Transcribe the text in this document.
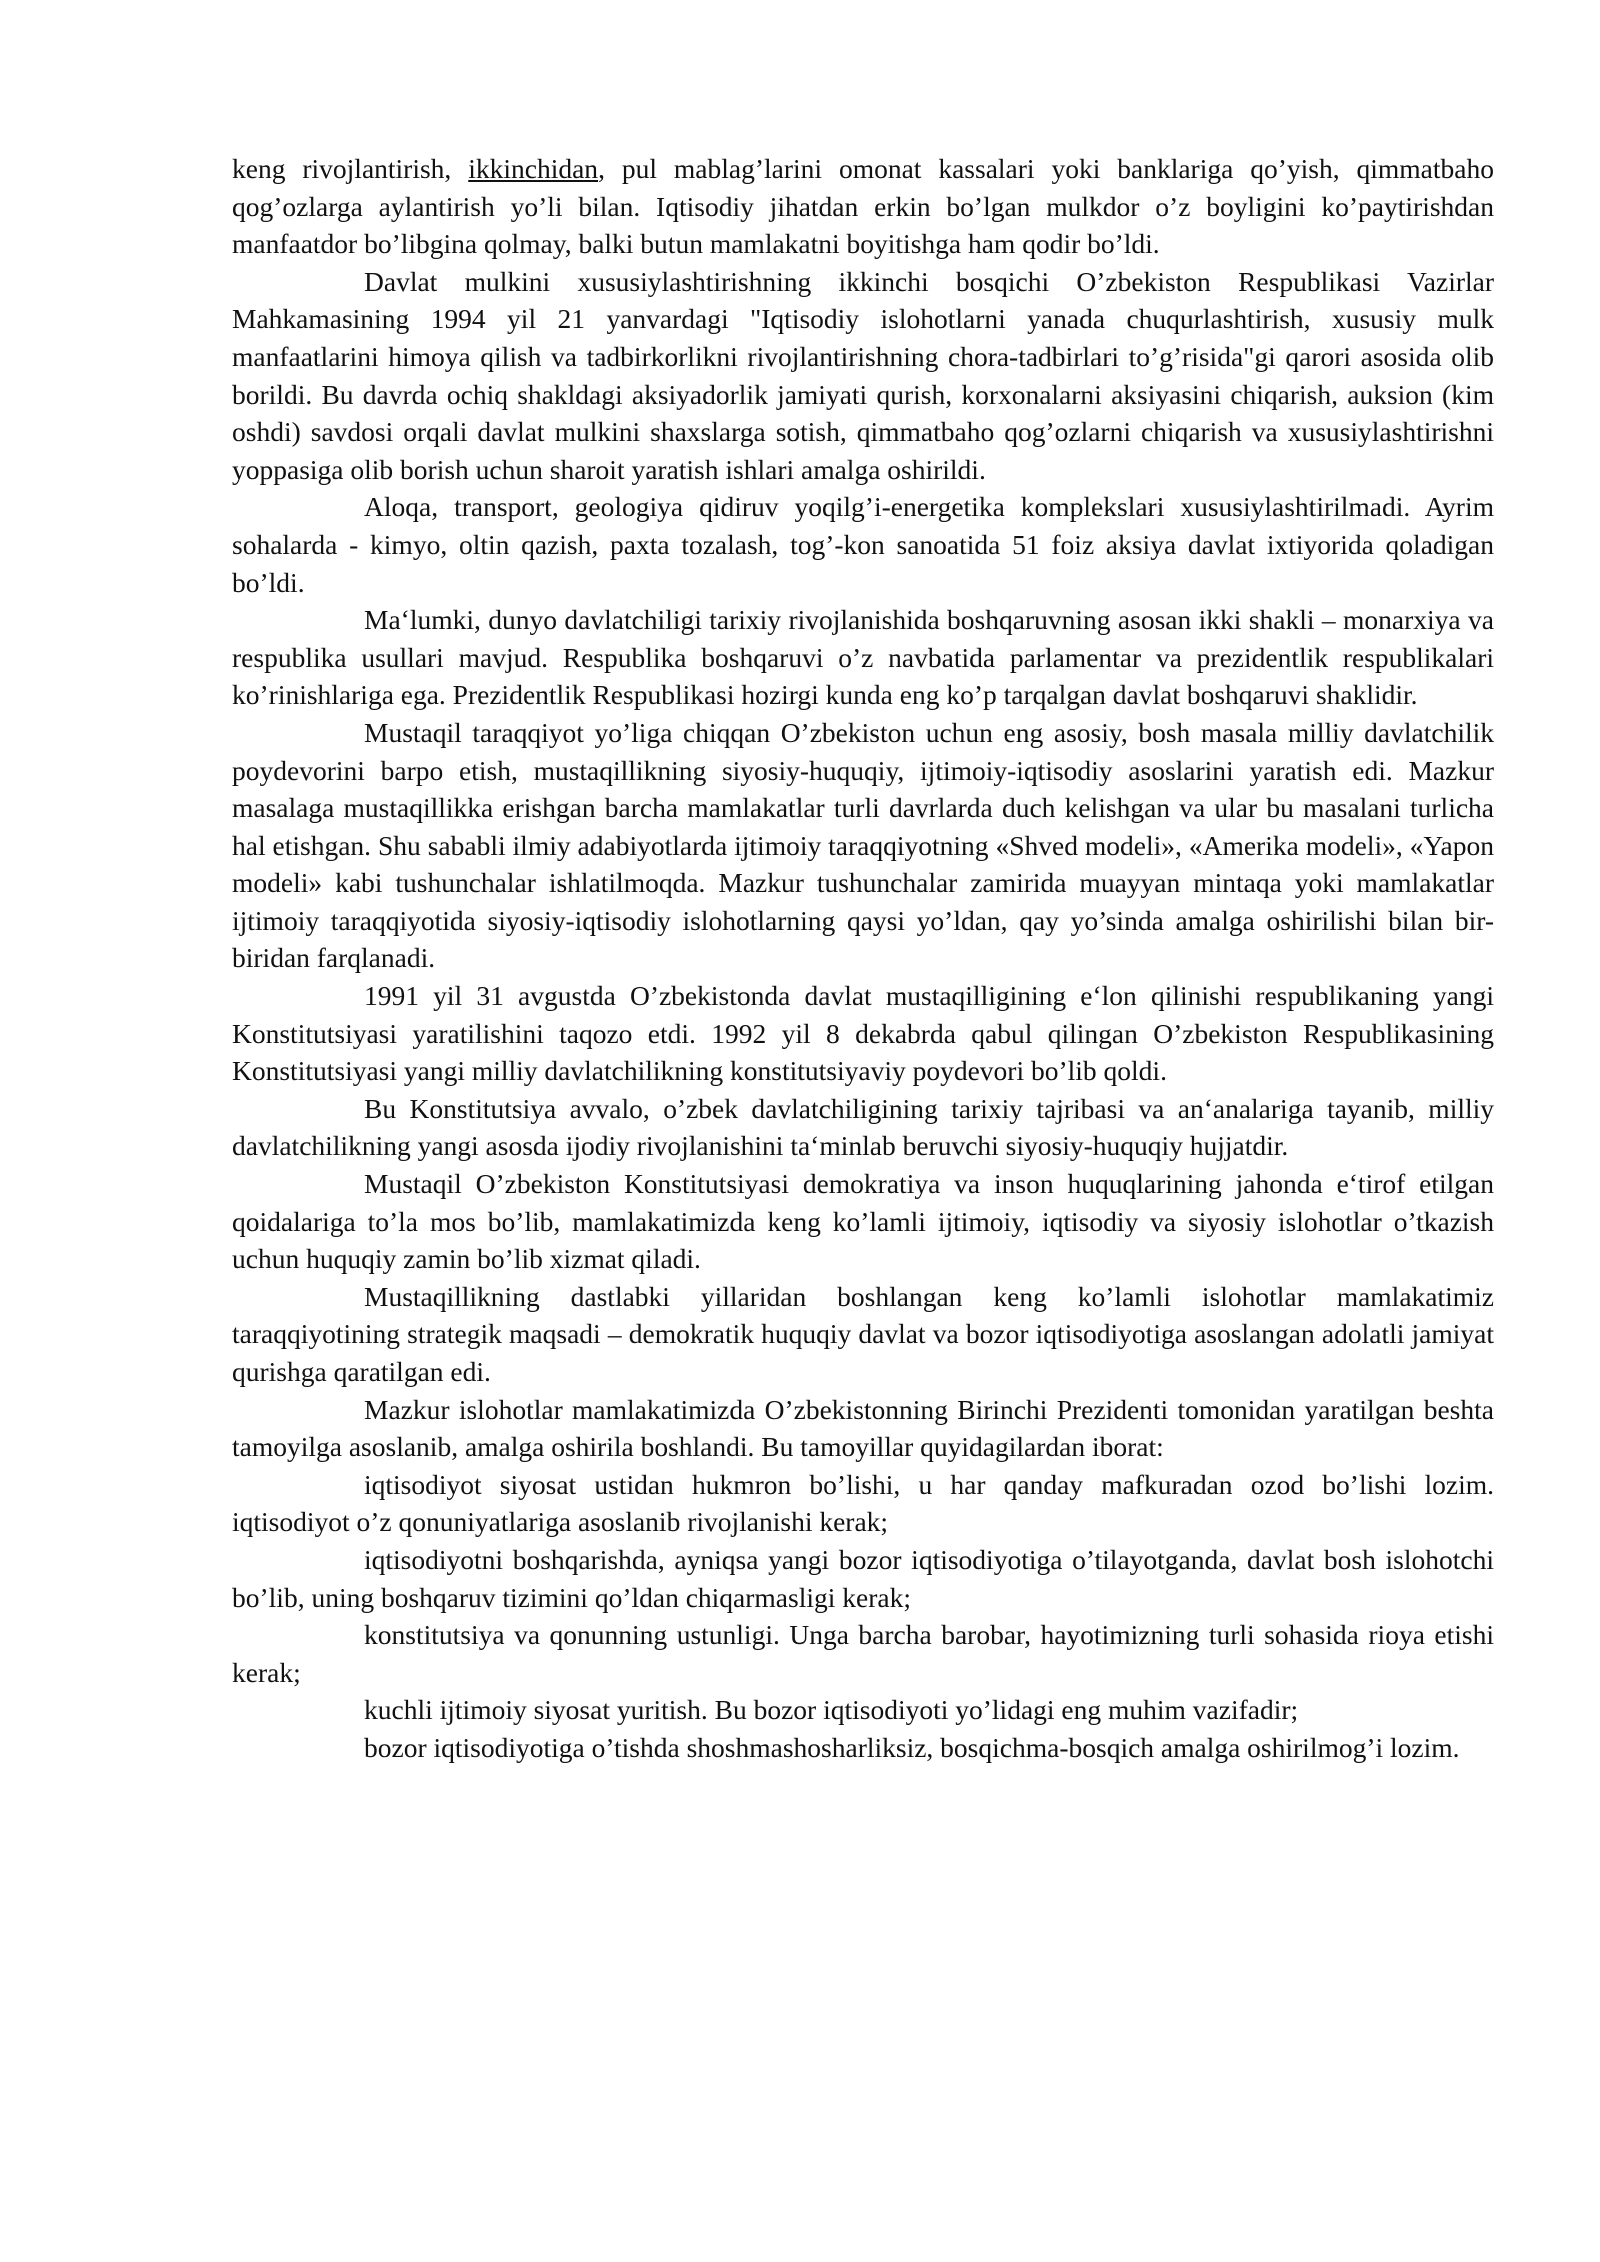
keng rivojlantirish, ikkinchidan, pul mablag’larini omonat kassalari yoki banklariga qo’yish, qimmatbaho qog’ozlarga aylantirish yo’li bilan. Iqtisodiy jihatdan erkin bo’lgan mulkdor o’z boyligini ko’paytirishdan manfaatdor bo’libgina qolmay, balki butun mamlakatni boyitishga ham qodir bo’ldi.

Davlat mulkini xususiylashtirishning ikkinchi bosqichi O’zbekiston Respublikasi Vazirlar Mahkamasining 1994 yil 21 yanvardagi "Iqtisodiy islohotlarni yanada chuqurlashtirish, xususiy mulk manfaatlarini himoya qilish va tadbirkorlikni rivojlantirishning chora-tadbirlari to’g’risida"gi qarori asosida olib borildi. Bu davrda ochiq shakldagi aksiyadorlik jamiyati qurish, korxonalarni aksiyasini chiqarish, auksion (kim oshdi) savdosi orqali davlat mulkini shaxslarga sotish, qimmatbaho qog’ozlarni chiqarish va xususiylashtirishni yoppasiga olib borish uchun sharoit yaratish ishlari amalga oshirildi.

Aloqa, transport, geologiya qidiruv yoqilg’i-energetika komplekslari xususiylashtirilmadi. Ayrim sohalarda - kimyo, oltin qazish, paxta tozalash, tog’-kon sanoatida 51 foiz aksiya davlat ixtiyorida qoladigan bo’ldi.

Ma‘lumki, dunyo davlatchiligi tarixiy rivojlanishida boshqaruvning asosan ikki shakli – monarxiya va respublika usullari mavjud. Respublika boshqaruvi o’z navbatida parlamentar va prezidentlik respublikalari ko’rinishlariga ega. Prezidentlik Respublikasi hozirgi kunda eng ko’p tarqalgan davlat boshqaruvi shaklidir.

Mustaqil taraqqiyot yo’liga chiqqan O’zbekiston uchun eng asosiy, bosh masala milliy davlatchilik poydevorini barpo etish, mustaqillikning siyosiy-huquqiy, ijtimoiy-iqtisodiy asoslarini yaratish edi. Mazkur masalaga mustaqillikka erishgan barcha mamlakatlar turli davrlarda duch kelishgan va ular bu masalani turlicha hal etishgan. Shu sababli ilmiy adabiyotlarda ijtimoiy taraqqiyotning «Shved modeli», «Amerika modeli», «Yapon modeli» kabi tushunchalar ishlatilmoqda. Mazkur tushunchalar zamirida muayyan mintaqa yoki mamlakatlar ijtimoiy taraqqiyotida siyosiy-iqtisodiy islohotlarning qaysi yo’ldan, qay yo’sinda amalga oshirilishi bilan bir-biridan farqlanadi.

1991 yil 31 avgustda O’zbekistonda davlat mustaqilligining e‘lon qilinishi respublikaning yangi Konstitutsiyasi yaratilishini taqozo etdi. 1992 yil 8 dekabrda qabul qilingan O’zbekiston Respublikasining Konstitutsiyasi yangi milliy davlatchilikning konstitutsiyaviy poydevori bo’lib qoldi.

Bu Konstitutsiya avvalo, o’zbek davlatchiligining tarixiy tajribasi va an‘analariga tayanib, milliy davlatchilikning yangi asosda ijodiy rivojlanishini ta‘minlab beruvchi siyosiy-huquqiy hujjatdir.

Mustaqil O’zbekiston Konstitutsiyasi demokratiya va inson huquqlarining jahonda e‘tirof etilgan qoidalariga to’la mos bo’lib, mamlakatimizda keng ko’lamli ijtimoiy, iqtisodiy va siyosiy islohotlar o’tkazish uchun huquqiy zamin bo’lib xizmat qiladi.

Mustaqillikning dastlabki yillaridan boshlangan keng ko’lamli islohotlar mamlakatimiz taraqqiyotining strategik maqsadi – demokratik huquqiy davlat va bozor iqtisodiyotiga asoslangan adolatli jamiyat qurishga qaratilgan edi.

Mazkur islohotlar mamlakatimizda O’zbekistonning Birinchi Prezidenti tomonidan yaratilgan beshta tamoyilga asoslanib, amalga oshirila boshlandi. Bu tamoyillar quyidagilardan iborat:

iqtisodiyot siyosat ustidan hukmron bo’lishi, u har qanday mafkuradan ozod bo’lishi lozim. iqtisodiyot o’z qonuniyatlariga asoslanib rivojlanishi kerak;

iqtisodiyotni boshqarishda, ayniqsa yangi bozor iqtisodiyotiga o’tilayotganda, davlat bosh islohotchi bo’lib, uning boshqaruv tizimini qo’ldan chiqarmasligi kerak;

konstitutsiya va qonunning ustunligi. Unga barcha barobar, hayotimizning turli sohasida rioya etishi kerak;

kuchli ijtimoiy siyosat yuritish. Bu bozor iqtisodiyoti yo’lidagi eng muhim vazifadir;

bozor iqtisodiyotiga o’tishda shoshmashosharliksiz, bosqichma-bosqich amalga oshirilmog’i lozim.
